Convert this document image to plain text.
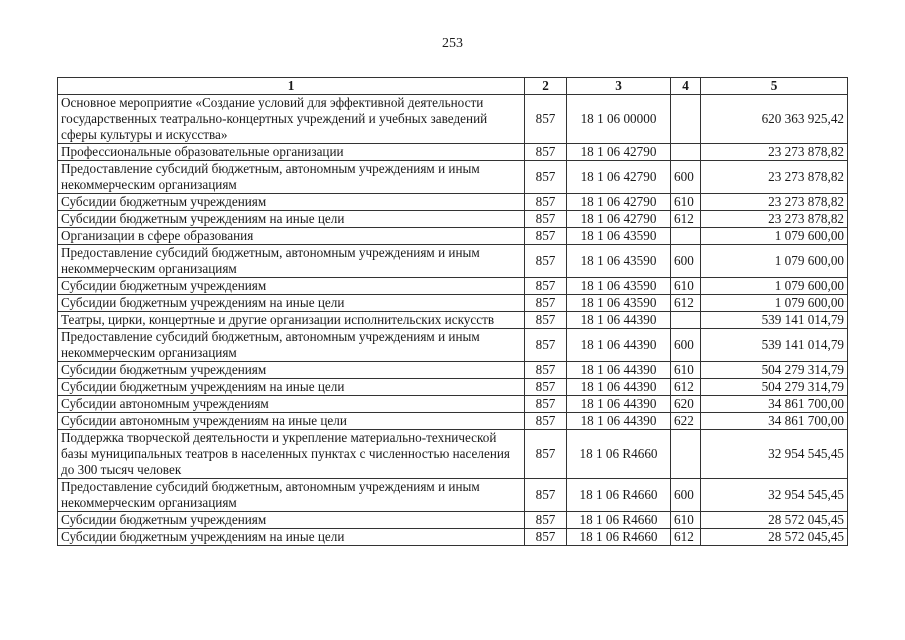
253
1	2	3	4	5
Основное мероприятие «Создание условий для эффективной деятельности государственных театрально-концертных учреждений и учебных заведений сферы культуры и искусства»	857	18 1 06 00000		620 363 925,42
Профессиональные образовательные организации	857	18 1 06 42790		23 273 878,82
Предоставление субсидий бюджетным, автономным учреждениям и иным некоммерческим организациям	857	18 1 06 42790	600	23 273 878,82
Субсидии бюджетным учреждениям	857	18 1 06 42790	610	23 273 878,82
Субсидии бюджетным учреждениям на иные цели	857	18 1 06 42790	612	23 273 878,82
Организации в сфере образования	857	18 1 06 43590		1 079 600,00
Предоставление субсидий бюджетным, автономным учреждениям и иным некоммерческим организациям	857	18 1 06 43590	600	1 079 600,00
Субсидии бюджетным учреждениям	857	18 1 06 43590	610	1 079 600,00
Субсидии бюджетным учреждениям на иные цели	857	18 1 06 43590	612	1 079 600,00
Театры, цирки, концертные и другие организации исполнительских искусств	857	18 1 06 44390		539 141 014,79
Предоставление субсидий бюджетным, автономным учреждениям и иным некоммерческим организациям	857	18 1 06 44390	600	539 141 014,79
Субсидии бюджетным учреждениям	857	18 1 06 44390	610	504 279 314,79
Субсидии бюджетным учреждениям на иные цели	857	18 1 06 44390	612	504 279 314,79
Субсидии автономным учреждениям	857	18 1 06 44390	620	34 861 700,00
Субсидии автономным учреждениям на иные цели	857	18 1 06 44390	622	34 861 700,00
Поддержка творческой деятельности и укрепление материально-технической базы муниципальных театров в населенных пунктах с численностью населения до 300 тысяч человек	857	18 1 06 R4660		32 954 545,45
Предоставление субсидий бюджетным, автономным учреждениям и иным некоммерческим организациям	857	18 1 06 R4660	600	32 954 545,45
Субсидии бюджетным учреждениям	857	18 1 06 R4660	610	28 572 045,45
Субсидии бюджетным учреждениям на иные цели	857	18 1 06 R4660	612	28 572 045,45
